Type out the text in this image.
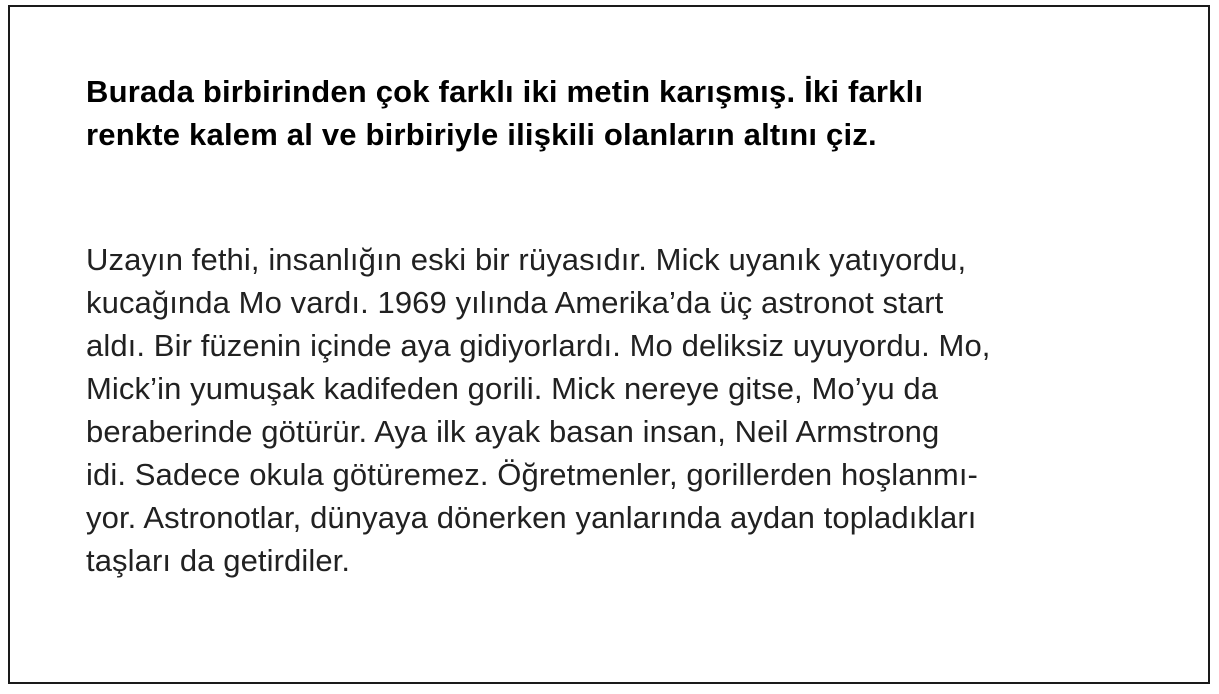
Burada birbirinden çok farklı iki metin karışmış. İki farklı
renkte kalem al ve birbiriyle ilişkili olanların altını çiz.
Uzayın fethi, insanlığın eski bir rüyasıdır. Mick uyanık yatıyordu,
kucağında Mo vardı. 1969 yılında Amerika’da üç astronot start
aldı. Bir füzenin içinde aya gidiyorlardı. Mo deliksiz uyuyordu. Mo,
Mick’in yumuşak kadifeden gorili. Mick nereye gitse, Mo’yu da
beraberinde götürür. Aya ilk ayak basan insan, Neil Armstrong
idi. Sadece okula götüremez. Öğretmenler, gorillerden hoşlanmı-
yor. Astronotlar, dünyaya dönerken yanlarında aydan topladıkları
taşları da getirdiler.
